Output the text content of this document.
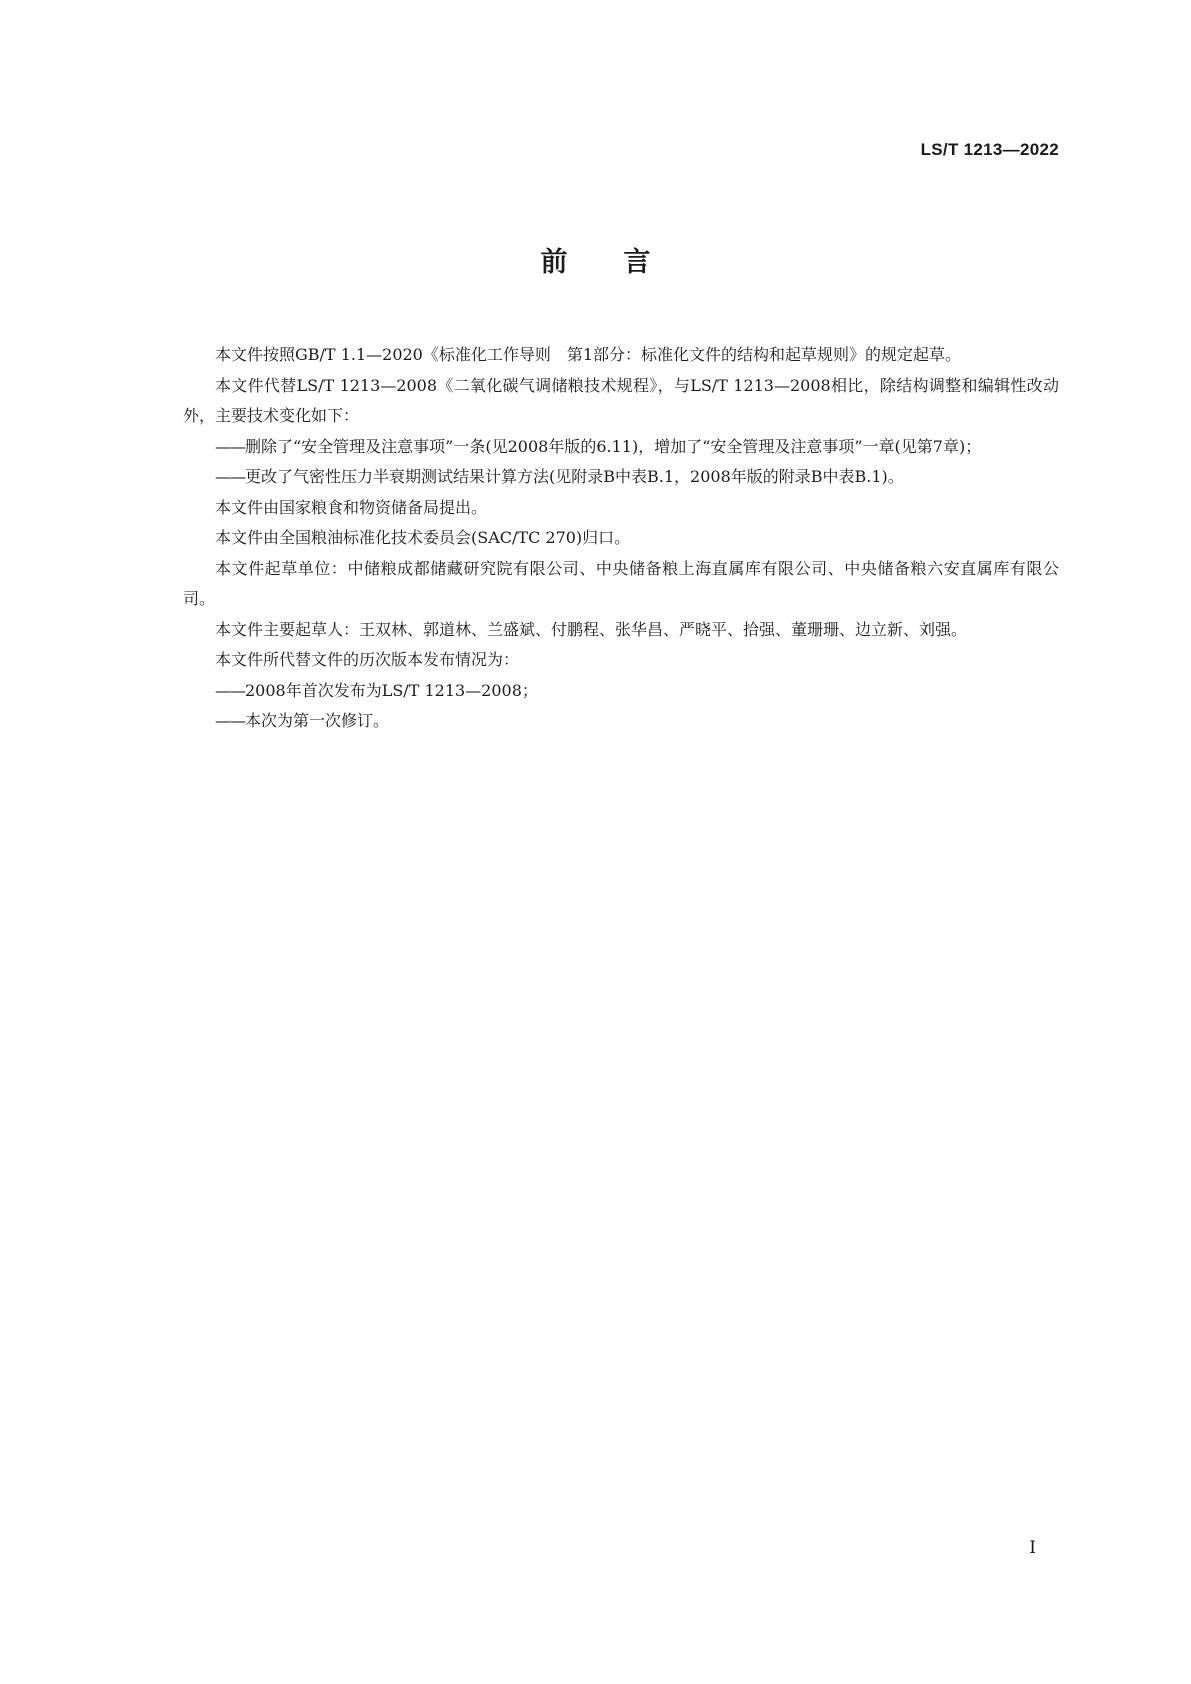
LS/T 1213—2022
前 言

本文件按照GB/T 1.1—2020《标准化工作导则　第1部分：标准化文件的结构和起草规则》的规定起草。

本文件代替LS/T 1213—2008《二氧化碳气调储粮技术规程》，与LS/T 1213—2008相比，除结构调整和编辑性改动外，主要技术变化如下：

——删除了“安全管理及注意事项”一条(见2008年版的6.11)，增加了“安全管理及注意事项”一章(见第7章)；

——更改了气密性压力半衰期测试结果计算方法(见附录B中表B.1，2008年版的附录B中表B.1)。

本文件由国家粮食和物资储备局提出。

本文件由全国粮油标准化技术委员会(SAC/TC 270)归口。

本文件起草单位：中储粮成都储藏研究院有限公司、中央储备粮上海直属库有限公司、中央储备粮六安直属库有限公司。

本文件主要起草人：王双林、郭道林、兰盛斌、付鹏程、张华昌、严晓平、拾强、董珊珊、边立新、刘强。

本文件所代替文件的历次版本发布情况为：

——2008年首次发布为LS/T 1213—2008；

——本次为第一次修订。

I
